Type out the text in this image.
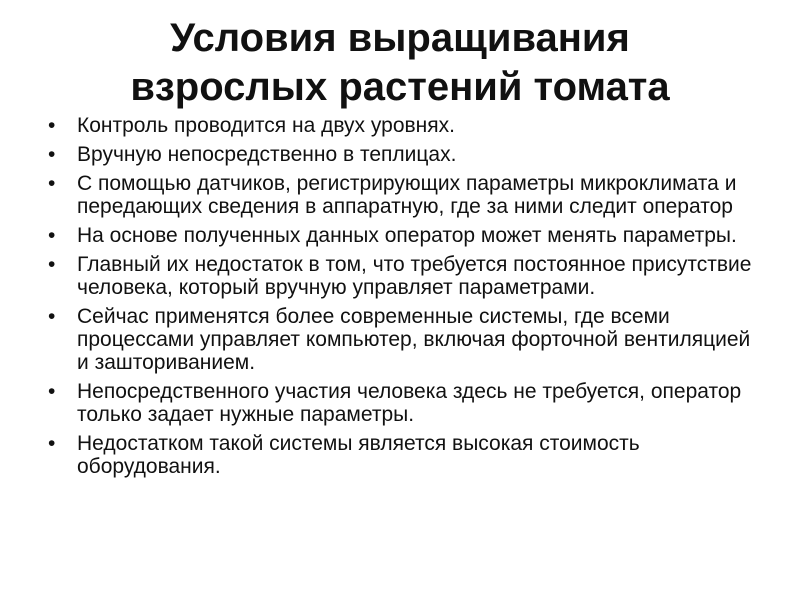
Условия выращивания
взрослых растений томата
• Контроль проводится на двух уровнях.
• Вручную непосредственно в теплицах.
• С помощью датчиков, регистрирующих параметры микроклимата и передающих сведения в аппаратную, где за ними следит оператор
• На основе полученных данных оператор может менять параметры.
• Главный их недостаток в том, что требуется постоянное присутствие человека, который вручную управляет параметрами.
• Сейчас применятся более современные системы, где всеми процессами управляет компьютер, включая форточной вентиляцией и зашториванием.
• Непосредственного участия человека здесь не требуется, оператор только задает нужные параметры.
• Недостатком такой системы является высокая стоимость оборудования.
